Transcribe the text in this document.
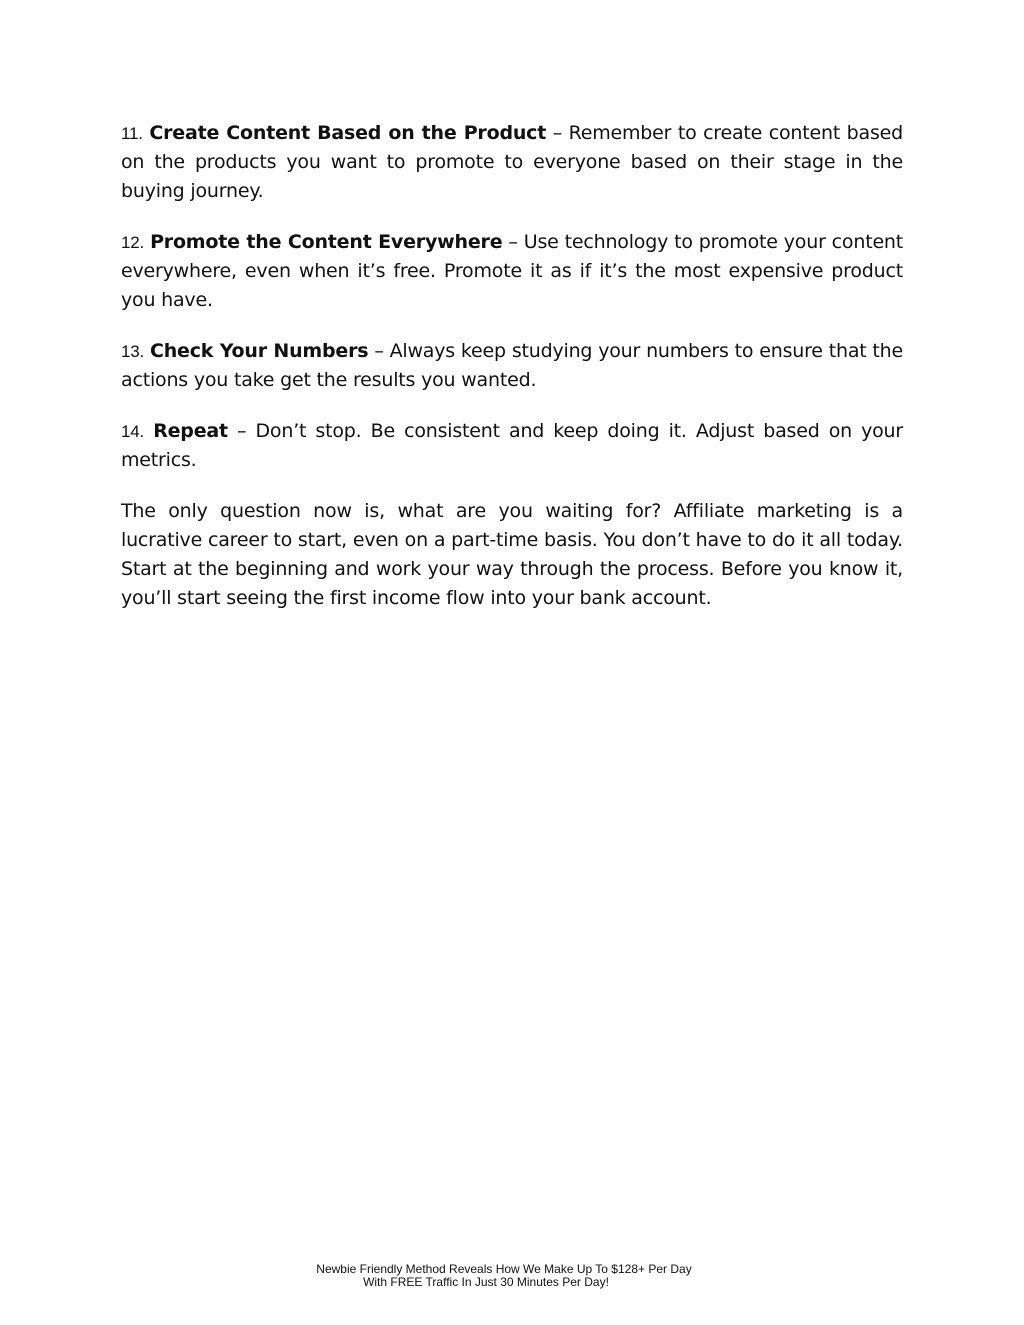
11. Create Content Based on the Product – Remember to create content based on the products you want to promote to everyone based on their stage in the buying journey.

12. Promote the Content Everywhere – Use technology to promote your content everywhere, even when it’s free. Promote it as if it’s the most expensive product you have.

13. Check Your Numbers – Always keep studying your numbers to ensure that the actions you take get the results you wanted.

14. Repeat – Don’t stop. Be consistent and keep doing it. Adjust based on your metrics.

The only question now is, what are you waiting for? Affiliate marketing is a lucrative career to start, even on a part-time basis. You don’t have to do it all today. Start at the beginning and work your way through the process. Before you know it, you’ll start seeing the first income flow into your bank account.

Newbie Friendly Method Reveals How We Make Up To $128+ Per Day
With FREE Traffic In Just 30 Minutes Per Day!
